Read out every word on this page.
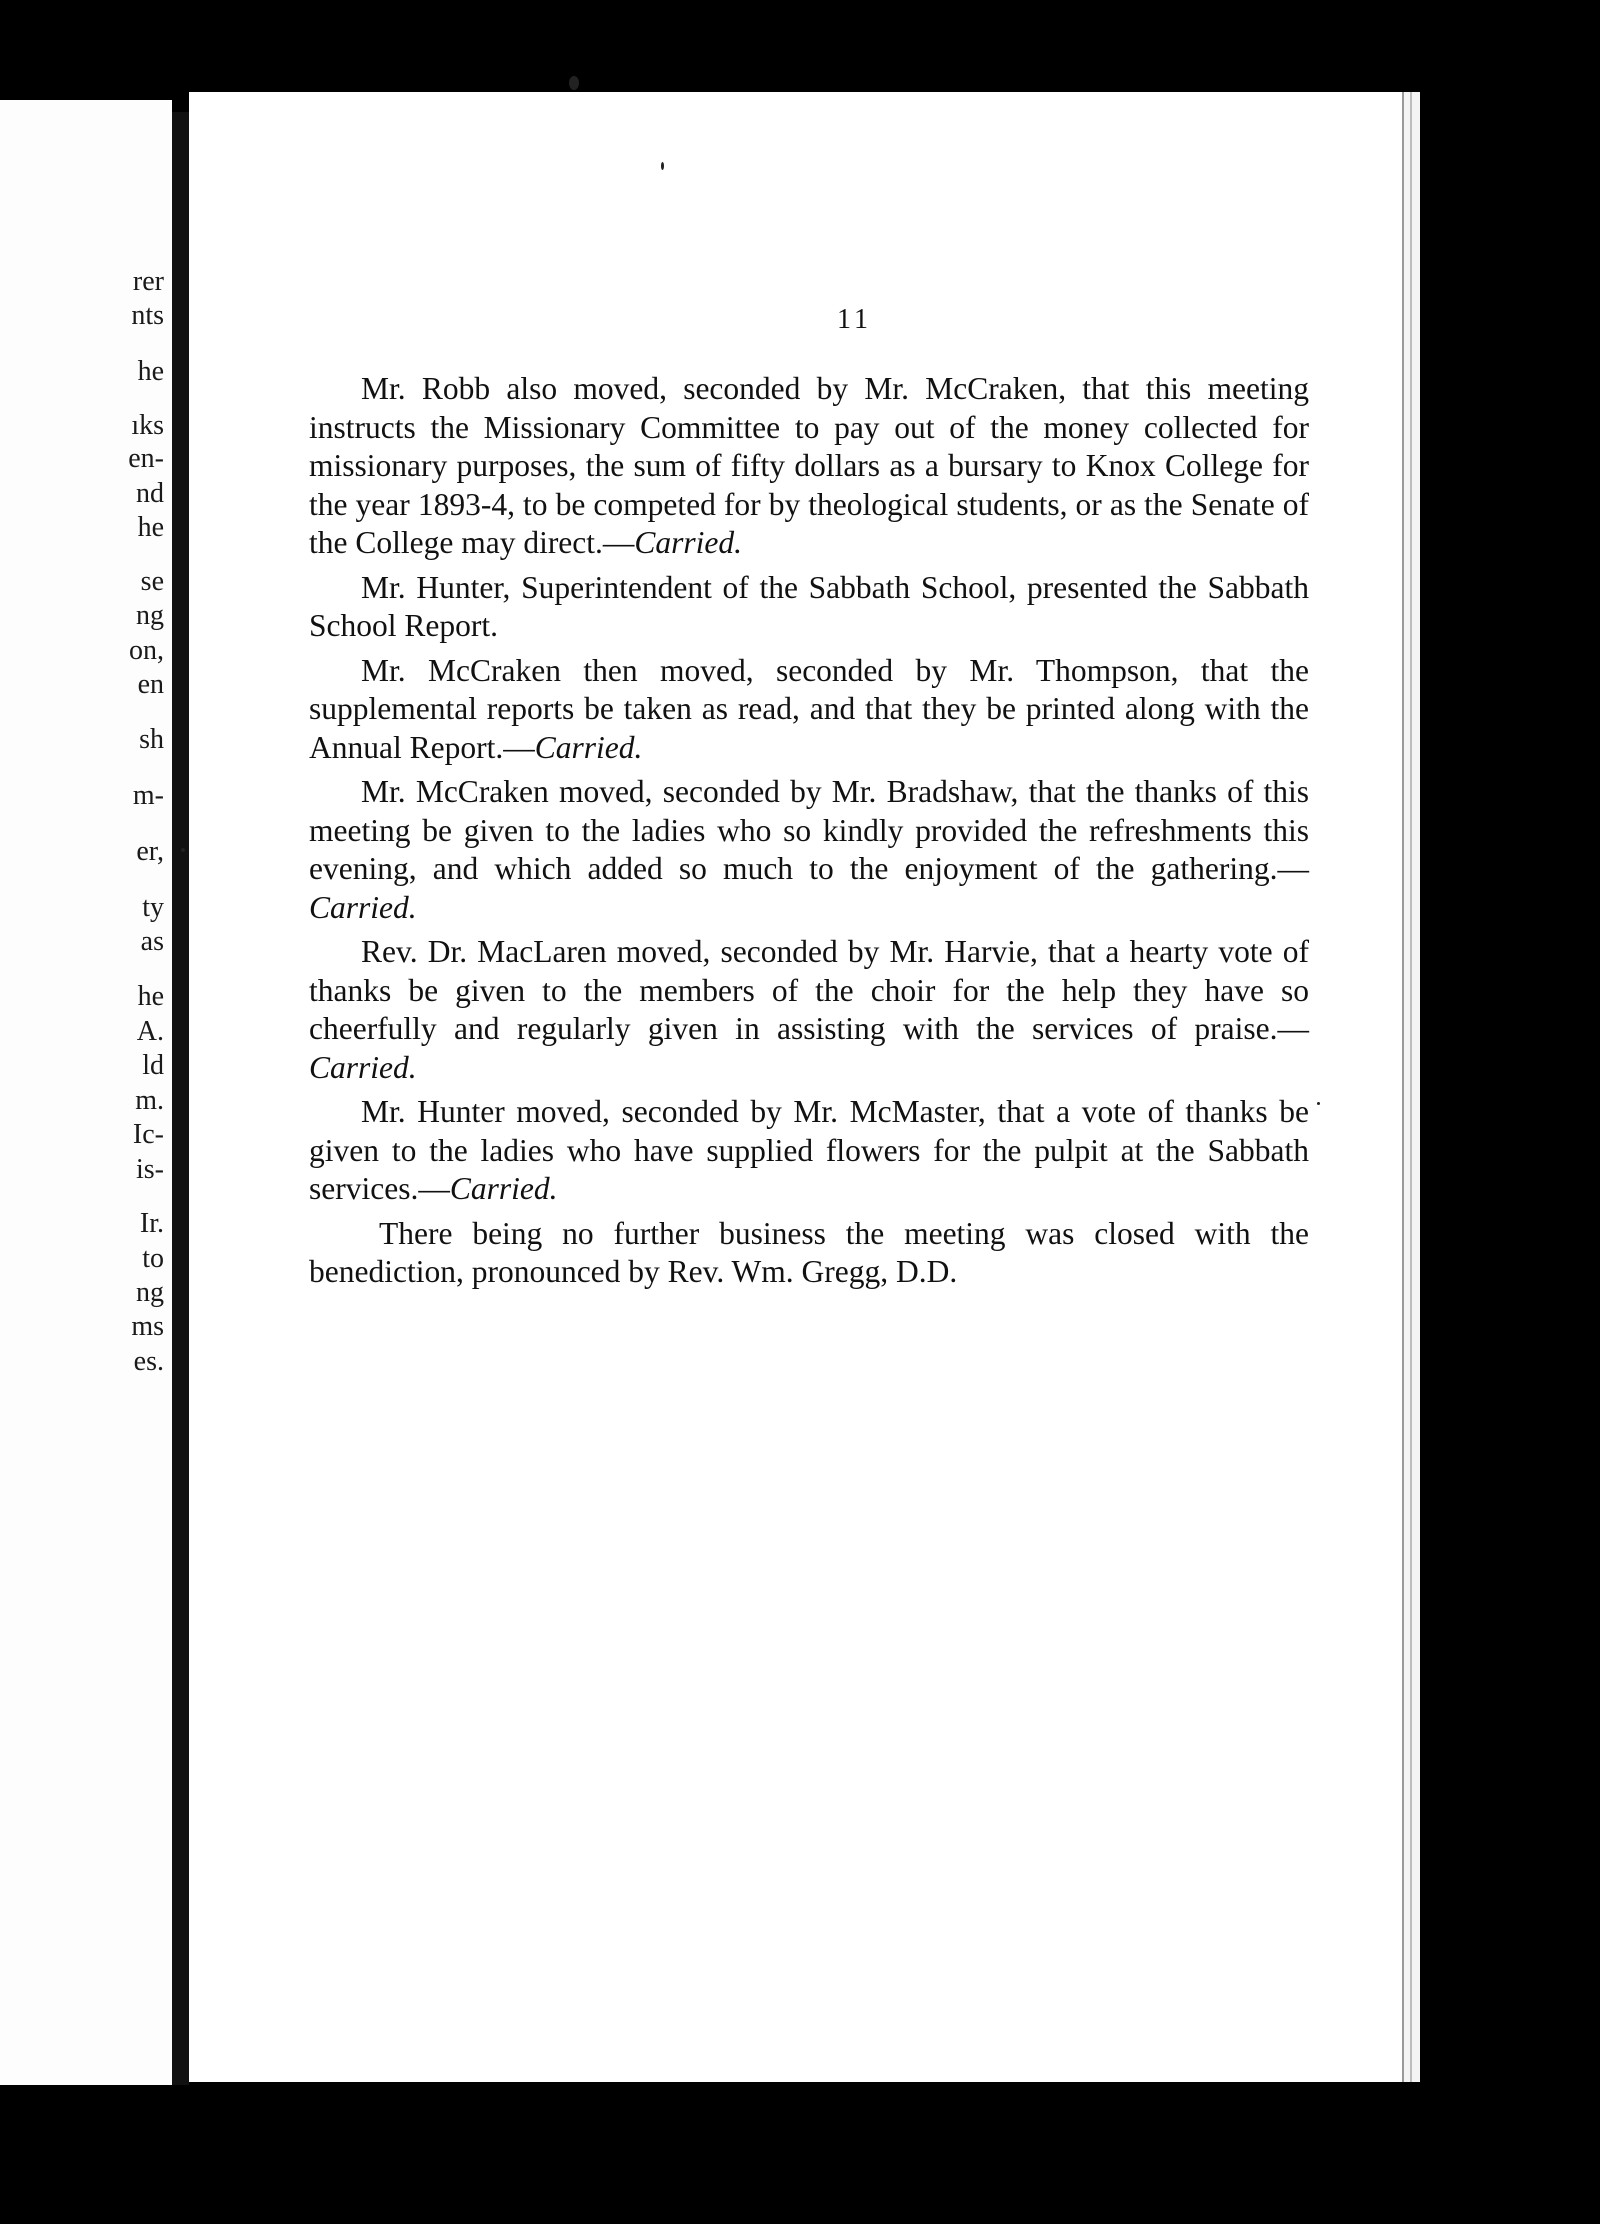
rer
nts
he
ıks
en-
nd
he
se
ng
on,
en
sh
m-
er,
ty
as
he
A.
ld
m.
Ic-
is-
Ir.
to
ng
ms
es.
11

Mr. Robb also moved, seconded by Mr. McCraken, that this meeting instructs the Missionary Committee to pay out of the money collected for missionary purposes, the sum of fifty dollars as a bursary to Knox College for the year 1893-4, to be competed for by theological students, or as the Senate of the College may direct.—Carried.

Mr. Hunter, Superintendent of the Sabbath School, presented the Sabbath School Report.

Mr. McCraken then moved, seconded by Mr. Thompson, that the supplemental reports be taken as read, and that they be printed along with the Annual Report.—Carried.

Mr. McCraken moved, seconded by Mr. Bradshaw, that the thanks of this meeting be given to the ladies who so kindly provided the refreshments this evening, and which added so much to the enjoyment of the gathering.—Carried.

Rev. Dr. MacLaren moved, seconded by Mr. Harvie, that a hearty vote of thanks be given to the members of the choir for the help they have so cheerfully and regularly given in assisting with the services of praise.—Carried.

Mr. Hunter moved, seconded by Mr. McMaster, that a vote of thanks be given to the ladies who have supplied flowers for the pulpit at the Sabbath services.—Carried.

There being no further business the meeting was closed with the benediction, pronounced by Rev. Wm. Gregg, D.D.
